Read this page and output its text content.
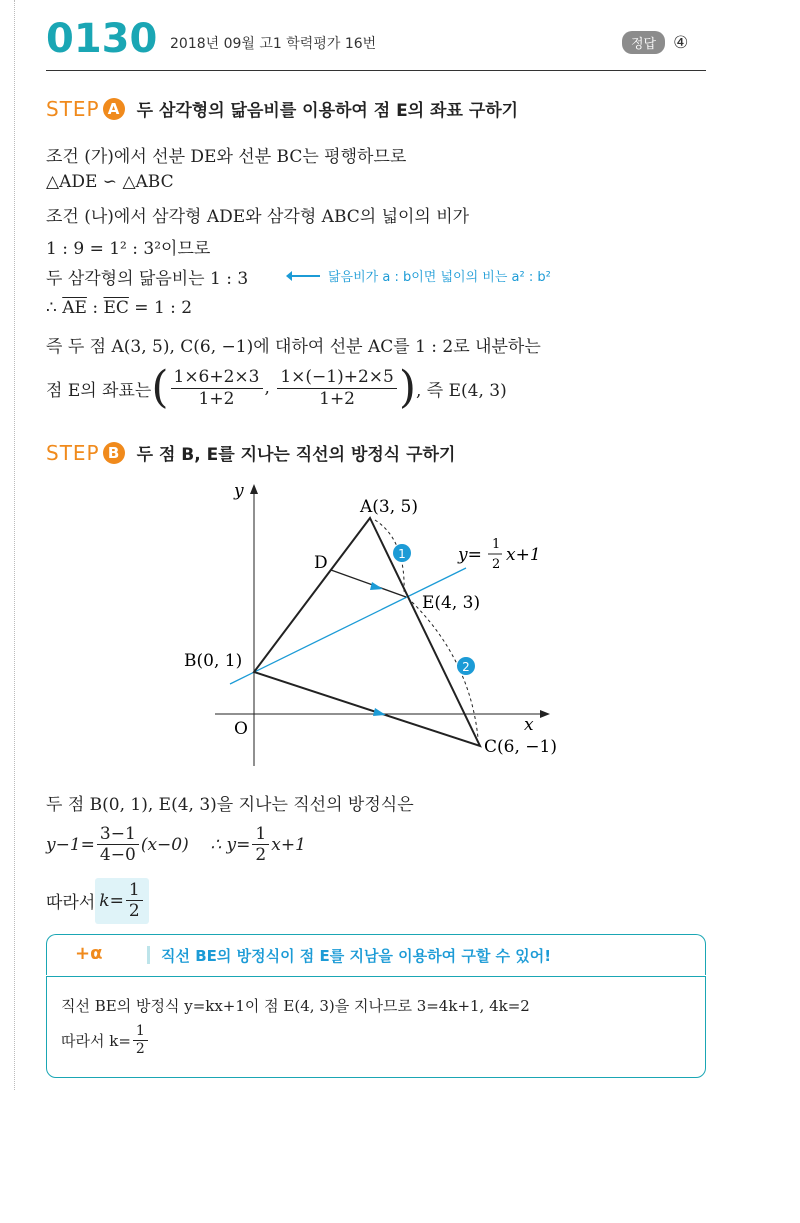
0130 2018년 09월 고1 학력평가 16번	정답	④
STEP A	두 삼각형의 닮음비를 이용하여 점 E의 좌표 구하기
조건 (가)에서 선분 DE와 선분 BC는 평행하므로
△ADE ∽ △ABC
조건 (나)에서 삼각형 ADE와 삼각형 ABC의 넓이의 비가
1 : 9 = 1² : 3²이므로
두 삼각형의 닮음비는 1 : 3	닮음비가 a : b이면 넓이의 비는 a² : b²
∴ $\overline{AE}$ : $\overline{EC} = 1$ : 2
즉 두 점 A(3, 5), C(6, −1)에 대하여 선분 AC를 1 : 2로 내분하는
점 E의 좌표는 ( $\frac{1\times 6+2\times 3}{1+2}$ , $\frac{1\times(-1)+2\times 5}{1+2}$ ) , 즉 E(4, 3)
STEP B	두 점 B, E를 지나는 직선의 방정식 구하기
y
x
O
1
2
A(3, 5)
B(0, 1)
C(6, −1)
D
E(4, 3)
y=
1
2 x+1
두 점 B(0, 1), E(4, 3)을 지나는 직선의 방정식은
$y-1= \frac{3-1}{4-0} (x-0)$    ∴ $y= \frac{1}{2} x+1$
따라서 $k= \frac{1}{2}$
+α	직선 BE의 방정식이 점 E를 지남을 이용하여 구할 수 있어!
직선 BE의 방정식 y=kx+1이 점 E(4, 3)을 지나므로 3=4k+1, 4k=2
따라서 $k= \frac{1}{2}$
